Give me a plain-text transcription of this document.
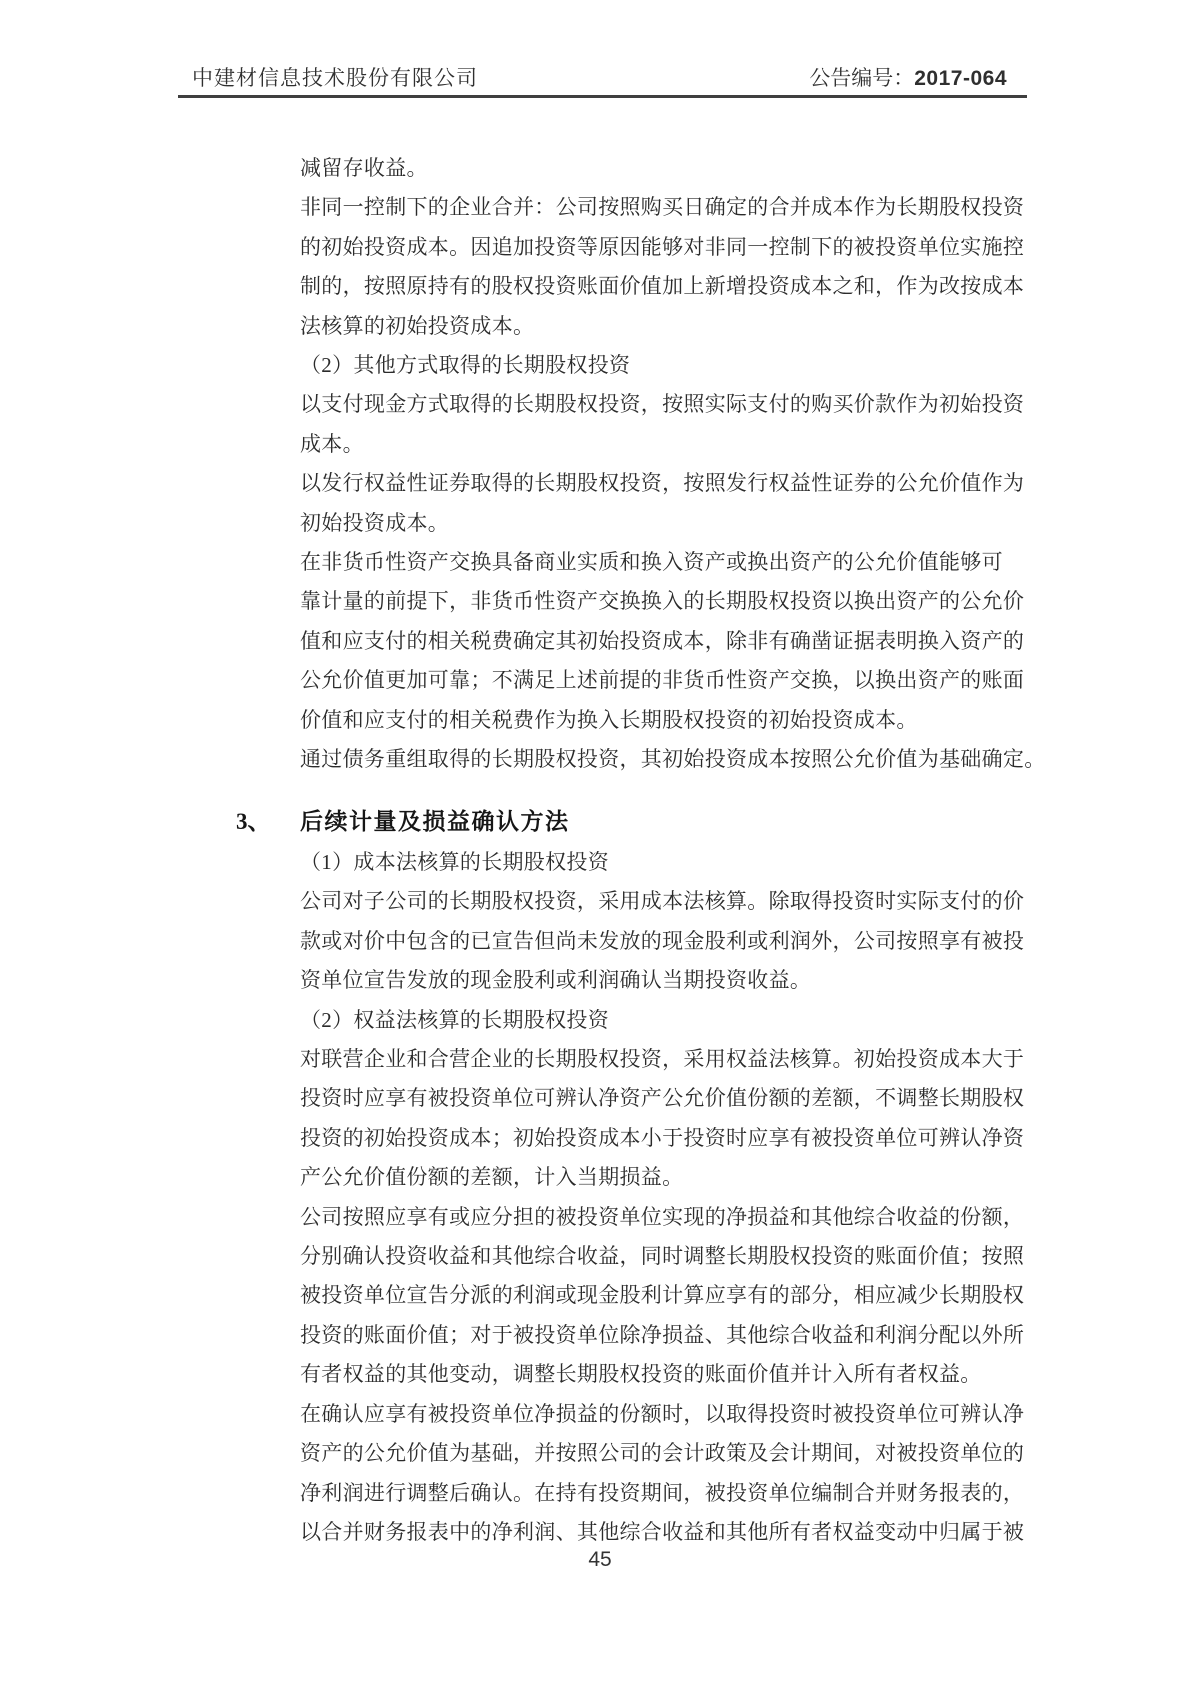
中建材信息技术股份有限公司	公告编号：2017-064
减留存收益。
非同一控制下的企业合并：公司按照购买日确定的合并成本作为长期股权投资
的初始投资成本。因追加投资等原因能够对非同一控制下的被投资单位实施控
制的，按照原持有的股权投资账面价值加上新增投资成本之和，作为改按成本
法核算的初始投资成本。
（2）其他方式取得的长期股权投资
以支付现金方式取得的长期股权投资，按照实际支付的购买价款作为初始投资
成本。
以发行权益性证券取得的长期股权投资，按照发行权益性证券的公允价值作为
初始投资成本。
在非货币性资产交换具备商业实质和换入资产或换出资产的公允价值能够可
靠计量的前提下，非货币性资产交换换入的长期股权投资以换出资产的公允价
值和应支付的相关税费确定其初始投资成本，除非有确凿证据表明换入资产的
公允价值更加可靠；不满足上述前提的非货币性资产交换，以换出资产的账面
价值和应支付的相关税费作为换入长期股权投资的初始投资成本。
通过债务重组取得的长期股权投资，其初始投资成本按照公允价值为基础确定。
3、	后续计量及损益确认方法
（1）成本法核算的长期股权投资
公司对子公司的长期股权投资，采用成本法核算。除取得投资时实际支付的价
款或对价中包含的已宣告但尚未发放的现金股利或利润外，公司按照享有被投
资单位宣告发放的现金股利或利润确认当期投资收益。
（2）权益法核算的长期股权投资
对联营企业和合营企业的长期股权投资，采用权益法核算。初始投资成本大于
投资时应享有被投资单位可辨认净资产公允价值份额的差额，不调整长期股权
投资的初始投资成本；初始投资成本小于投资时应享有被投资单位可辨认净资
产公允价值份额的差额，计入当期损益。
公司按照应享有或应分担的被投资单位实现的净损益和其他综合收益的份额，
分别确认投资收益和其他综合收益，同时调整长期股权投资的账面价值；按照
被投资单位宣告分派的利润或现金股利计算应享有的部分，相应减少长期股权
投资的账面价值；对于被投资单位除净损益、其他综合收益和利润分配以外所
有者权益的其他变动，调整长期股权投资的账面价值并计入所有者权益。
在确认应享有被投资单位净损益的份额时，以取得投资时被投资单位可辨认净
资产的公允价值为基础，并按照公司的会计政策及会计期间，对被投资单位的
净利润进行调整后确认。在持有投资期间，被投资单位编制合并财务报表的，
以合并财务报表中的净利润、其他综合收益和其他所有者权益变动中归属于被
45
